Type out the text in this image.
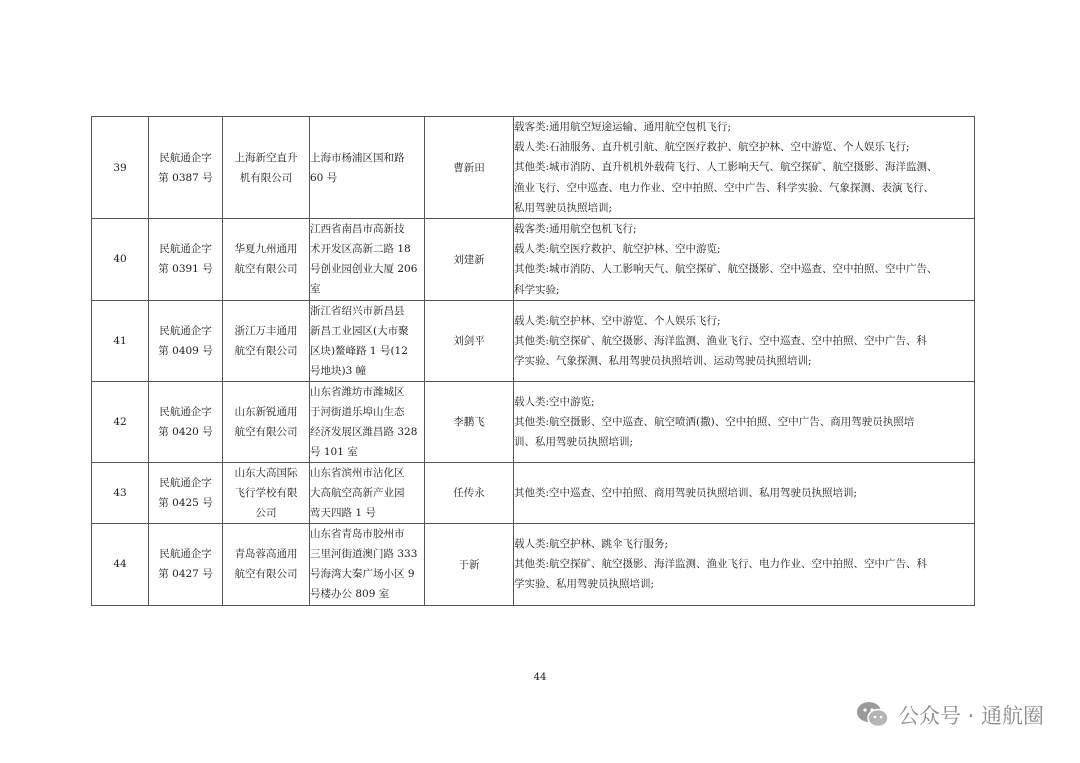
39	民航通企字
第 0387 号	上海新空直升
机有限公司	上海市杨浦区国和路
60 号	曹新田	载客类:通用航空短途运输、通用航空包机飞行;
载人类:石油服务、直升机引航、航空医疗救护、航空护林、空中游览、个人娱乐飞行;
其他类:城市消防、直升机机外载荷飞行、人工影响天气、航空探矿、航空摄影、海洋监测、
渔业飞行、空中巡查、电力作业、空中拍照、空中广告、科学实验、气象探测、表演飞行、
私用驾驶员执照培训;

40	民航通企字
第 0391 号	华夏九州通用
航空有限公司	江西省南昌市高新技
术开发区高新二路 18
号创业园创业大厦 206
室	刘建新	载客类:通用航空包机飞行;
载人类:航空医疗救护、航空护林、空中游览;
其他类:城市消防、人工影响天气、航空探矿、航空摄影、空中巡查、空中拍照、空中广告、
科学实验;

41	民航通企字
第 0409 号	浙江万丰通用
航空有限公司	浙江省绍兴市新昌县
新昌工业园区(大市聚
区块)鳌峰路 1 号(12
号地块)3 幢	刘剑平	载人类:航空护林、空中游览、个人娱乐飞行;
其他类:航空探矿、航空摄影、海洋监测、渔业飞行、空中巡查、空中拍照、空中广告、科
学实验、气象探测、私用驾驶员执照培训、运动驾驶员执照培训;

42	民航通企字
第 0420 号	山东新锐通用
航空有限公司	山东省潍坊市潍城区
于河街道乐埠山生态
经济发展区潍昌路 328
号 101 室	李鹏飞	载人类:空中游览;
其他类:航空摄影、空中巡查、航空喷洒(撒)、空中拍照、空中广告、商用驾驶员执照培
训、私用驾驶员执照培训;

43	民航通企字
第 0425 号	山东大高国际
飞行学校有限
公司	山东省滨州市沾化区
大高航空高新产业园
莺天四路 1 号	任传永	其他类:空中巡查、空中拍照、商用驾驶员执照培训、私用驾驶员执照培训;

44	民航通企字
第 0427 号	青岛蓉高通用
航空有限公司	山东省青岛市胶州市
三里河街道澳门路 333
号海湾大秦广场小区 9
号楼办公 809 室	于新	载人类:航空护林、跳伞飞行服务;
其他类:航空探矿、航空摄影、海洋监测、渔业飞行、电力作业、空中拍照、空中广告、科
学实验、私用驾驶员执照培训;
44
公众号 · 通航圈
